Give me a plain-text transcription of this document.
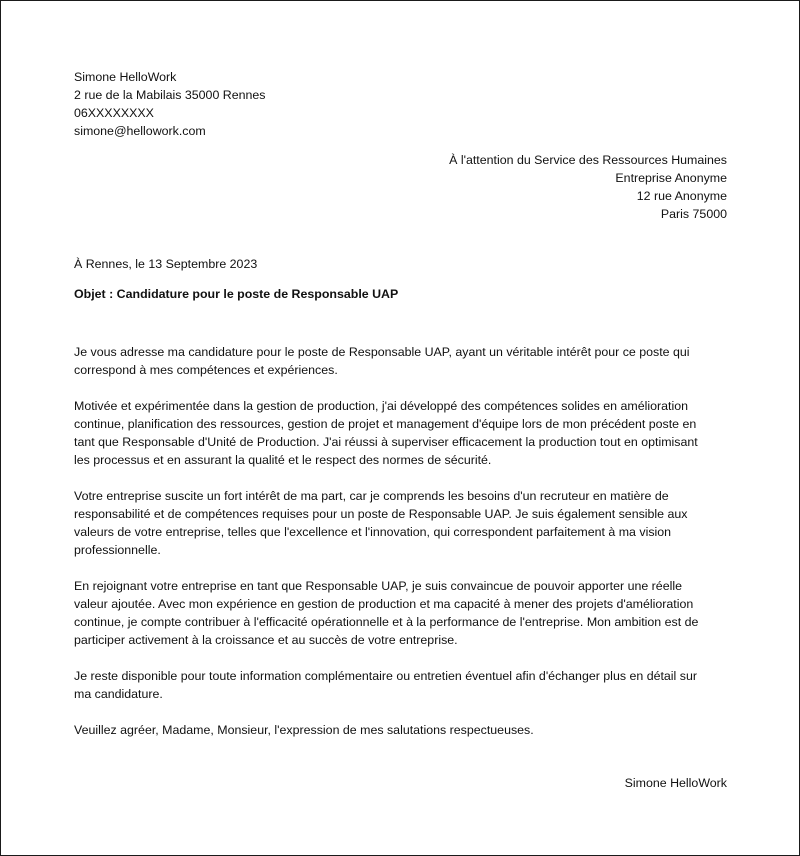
Simone HelloWork
2 rue de la Mabilais 35000 Rennes
06XXXXXXXX
simone@hellowork.com
À l'attention du Service des Ressources Humaines
Entreprise Anonyme
12 rue Anonyme
Paris 75000
À Rennes, le 13 Septembre 2023
Objet : Candidature pour le poste de Responsable UAP

Je vous adresse ma candidature pour le poste de Responsable UAP, ayant un véritable intérêt pour ce poste qui
correspond à mes compétences et expériences.

Motivée et expérimentée dans la gestion de production, j'ai développé des compétences solides en amélioration
continue, planification des ressources, gestion de projet et management d'équipe lors de mon précédent poste en
tant que Responsable d'Unité de Production. J'ai réussi à superviser efficacement la production tout en optimisant
les processus et en assurant la qualité et le respect des normes de sécurité.

Votre entreprise suscite un fort intérêt de ma part, car je comprends les besoins d'un recruteur en matière de
responsabilité et de compétences requises pour un poste de Responsable UAP. Je suis également sensible aux
valeurs de votre entreprise, telles que l'excellence et l'innovation, qui correspondent parfaitement à ma vision
professionnelle.

En rejoignant votre entreprise en tant que Responsable UAP, je suis convaincue de pouvoir apporter une réelle
valeur ajoutée. Avec mon expérience en gestion de production et ma capacité à mener des projets d'amélioration
continue, je compte contribuer à l'efficacité opérationnelle et à la performance de l'entreprise. Mon ambition est de
participer activement à la croissance et au succès de votre entreprise.

Je reste disponible pour toute information complémentaire ou entretien éventuel afin d'échanger plus en détail sur
ma candidature.

Veuillez agréer, Madame, Monsieur, l'expression de mes salutations respectueuses.

Simone HelloWork
